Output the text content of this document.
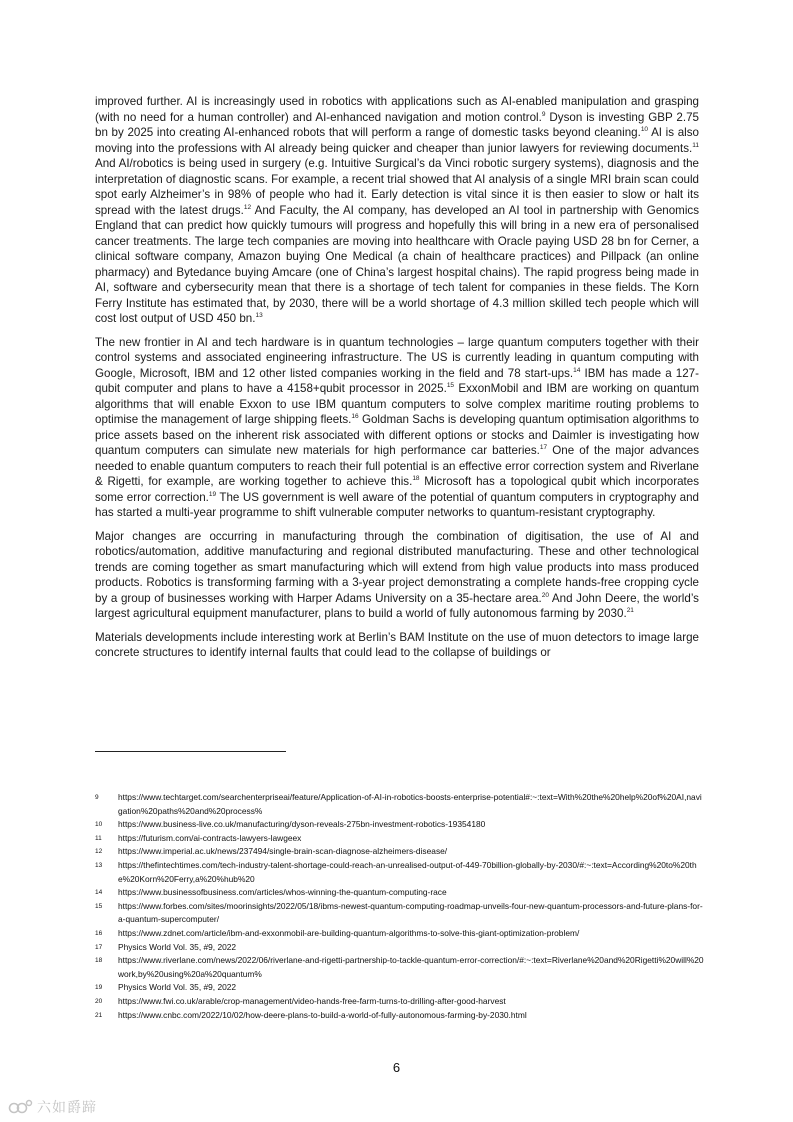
improved further. AI is increasingly used in robotics with applications such as AI-enabled manipulation and grasping (with no need for a human controller) and AI-enhanced navigation and motion control.$^9$ Dyson is investing GBP 2.75 bn by 2025 into creating AI-enhanced robots that will perform a range of domestic tasks beyond cleaning.$^{10}$ AI is also moving into the professions with AI already being quicker and cheaper than junior lawyers for reviewing documents.$^{11}$ And AI/robotics is being used in surgery (e.g. Intuitive Surgical’s da Vinci robotic surgery systems), diagnosis and the interpretation of diagnostic scans. For example, a recent trial showed that AI analysis of a single MRI brain scan could spot early Alzheimer’s in 98% of people who had it. Early detection is vital since it is then easier to slow or halt its spread with the latest drugs.$^{12}$ And Faculty, the AI company, has developed an AI tool in partnership with Genomics England that can predict how quickly tumours will progress and hopefully this will bring in a new era of personalised cancer treatments. The large tech companies are moving into healthcare with Oracle paying USD 28 bn for Cerner, a clinical software company, Amazon buying One Medical (a chain of healthcare practices) and Pillpack (an online pharmacy) and Bytedance buying Amcare (one of China’s largest hospital chains). The rapid progress being made in AI, software and cybersecurity mean that there is a shortage of tech talent for companies in these fields. The Korn Ferry Institute has estimated that, by 2030, there will be a world shortage of 4.3 million skilled tech people which will cost lost output of USD 450 bn.$^{13}$

The new frontier in AI and tech hardware is in quantum technologies – large quantum computers together with their control systems and associated engineering infrastructure. The US is currently leading in quantum computing with Google, Microsoft, IBM and 12 other listed companies working in the field and 78 start-ups.$^{14}$ IBM has made a 127-qubit computer and plans to have a 4158+qubit processor in 2025.15 ExxonMobil and IBM are working on quantum algorithms that will enable Exxon to use IBM quantum computers to solve complex maritime routing problems to optimise the management of large shipping fleets.$^{16}$ Goldman Sachs is developing quantum optimisation algorithms to price assets based on the inherent risk associated with different options or stocks and Daimler is investigating how quantum computers can simulate new materials for high performance car batteries.$^{17}$ One of the major advances needed to enable quantum computers to reach their full potential is an effective error correction system and Riverlane & Rigetti, for example, are working together to achieve this.$^{18}$ Microsoft has a topological qubit which incorporates some error correction.$^{19}$ The US government is well aware of the potential of quantum computers in cryptography and has started a multi-year programme to shift vulnerable computer networks to quantum-resistant cryptography.

Major changes are occurring in manufacturing through the combination of digitisation, the use of AI and robotics/automation, additive manufacturing and regional distributed manufacturing. These and other technological trends are coming together as smart manufacturing which will extend from high value products into mass produced products. Robotics is transforming farming with a 3-year project demonstrating a complete hands-free cropping cycle by a group of businesses working with Harper Adams University on a 35-hectare area.$^{20}$ And John Deere, the world’s largest agricultural equipment manufacturer, plans to build a world of fully autonomous farming by 2030.21

Materials developments include interesting work at Berlin’s BAM Institute on the use of muon detectors to image large concrete structures to identify internal faults that could lead to the collapse of buildings or

9	https://www.techtarget.com/searchenterpriseai/feature/Application-of-AI-in-robotics-boosts-enterprise-potential#:~:text=With%20the%20help%20of%20AI,navigation%20paths%20and%20process%
10	https://www.business-live.co.uk/manufacturing/dyson-reveals-275bn-investment-robotics-19354180
11	https://futurism.com/ai-contracts-lawyers-lawgeex
12	https://www.imperial.ac.uk/news/237494/single-brain-scan-diagnose-alzheimers-disease/
13	https://thefintechtimes.com/tech-industry-talent-shortage-could-reach-an-unrealised-output-of-449-70billion-globally-by-2030/#:~:text=According%20to%20the%20Korn%20Ferry,a%20%hub%20
14	https://www.businessofbusiness.com/articles/whos-winning-the-quantum-computing-race
15	https://www.forbes.com/sites/moorinsights/2022/05/18/ibms-newest-quantum-computing-roadmap-unveils-four-new-quantum-processors-and-future-plans-for-a-quantum-supercomputer/
16	https://www.zdnet.com/article/ibm-and-exxonmobil-are-building-quantum-algorithms-to-solve-this-giant-optimization-problem/
17	Physics World Vol. 35, #9, 2022
18	https://www.riverlane.com/news/2022/06/riverlane-and-rigetti-partnership-to-tackle-quantum-error-correction/#:~:text=Riverlane%20and%20Rigetti%20will%20work,by%20using%20a%20quantum%
19	Physics World Vol. 35, #9, 2022
20	https://www.fwi.co.uk/arable/crop-management/video-hands-free-farm-turns-to-drilling-after-good-harvest
21	https://www.cnbc.com/2022/10/02/how-deere-plans-to-build-a-world-of-fully-autonomous-farming-by-2030.html
6
六如爵蹄
